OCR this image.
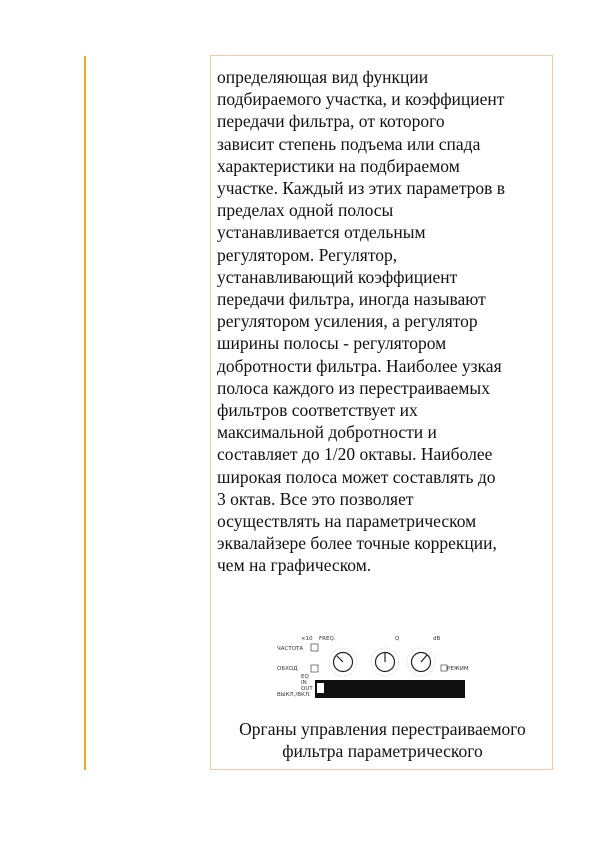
определяющая вид функции
подбираемого участка, и коэффициент
передачи фильтра, от которого
зависит степень подъема или спада
характеристики на подбираемом
участке. Каждый из этих параметров в
пределах одной полосы
устанавливается отдельным
регулятором. Регулятор,
устанавливающий коэффициент
передачи фильтра, иногда называют
регулятором усиления, а регулятор
ширины полосы - регулятором
добротности фильтра. Наиболее узкая
полоса каждого из перестраиваемых
фильтров соответствует их
максимальной добротности и
составляет до 1/20 октавы. Наиболее
широкая полоса может составлять до
3 октав. Все это позволяет
осуществлять на параметрическом
эквалайзере более точные коррекции,
чем на графическом.
ЧАСТОТА
ОБХОД
ВЫКЛ./ВКЛ.
×10 FREQ.	Q	dB
РЕЖИМ
EQ
IN
OUT
Органы управления перестраиваемого
фильтра параметрического
